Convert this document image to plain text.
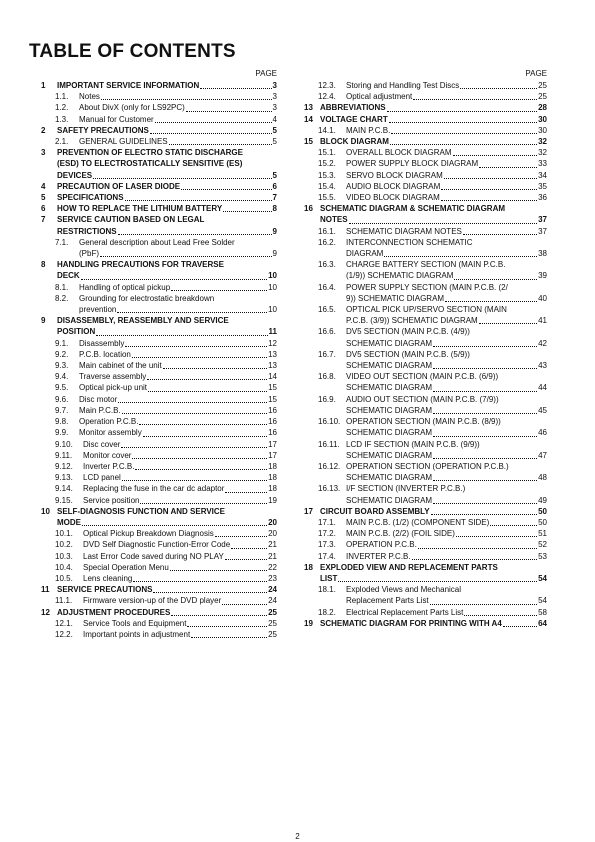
TABLE OF CONTENTS
PAGE
1 IMPORTANT SERVICE INFORMATION	3
1.1. Notes	3
1.2. About DivX (only for LS92PC)	3
1.3. Manual for Customer	4
2 SAFETY PRECAUTIONS	5
2.1. GENERAL GUIDELINES	5
3 PREVENTION OF ELECTRO STATIC DISCHARGE
(ESD) TO ELECTROSTATICALLY SENSITIVE (ES)
DEVICES	5
4 PRECAUTION OF LASER DIODE	6
5 SPECIFICATIONS	7
6 HOW TO REPLACE THE LITHIUM BATTERY	8
7 SERVICE CAUTION BASED ON LEGAL
RESTRICTIONS	9
7.1. General description about Lead Free Solder
(PbF)	9
8 HANDLING PRECAUTIONS FOR TRAVERSE
DECK	10
8.1. Handling of optical pickup	10
8.2. Grounding for electrostatic breakdown
prevention	10
9 DISASSEMBLY, REASSEMBLY AND SERVICE
POSITION	11
9.1. Disassembly	12
9.2. P.C.B. location	13
9.3. Main cabinet of the unit	13
9.4. Traverse assembly	14
9.5. Optical pick-up unit	15
9.6. Disc motor	15
9.7. Main P.C.B.	16
9.8. Operation P.C.B.	16
9.9. Monitor assembly	16
9.10. Disc cover	17
9.11. Monitor cover	17
9.12. Inverter P.C.B.	18
9.13. LCD panel	18
9.14. Replacing the fuse in the car dc adaptor	18
9.15. Service position	19
10 SELF-DIAGNOSIS FUNCTION AND SERVICE
MODE	20
10.1. Optical Pickup Breakdown Diagnosis	20
10.2. DVD Self Diagnostic Function-Error Code	21
10.3. Last Error Code saved during NO PLAY	21
10.4. Special Operation Menu	22
10.5. Lens cleaning	23
11 SERVICE PRECAUTIONS	24
11.1. Firmware version-up of the DVD player	24
12 ADJUSTMENT PROCEDURES	25
12.1. Service Tools and Equipment	25
12.2. Important points in adjustment	25
PAGE
12.3. Storing and Handling Test Discs	25
12.4. Optical adjustment	25
13 ABBREVIATIONS	28
14 VOLTAGE CHART	30
14.1. MAIN P.C.B.	30
15 BLOCK DIAGRAM	32
15.1. OVERALL BLOCK DIAGRAM	32
15.2. POWER SUPPLY BLOCK DIAGRAM	33
15.3. SERVO BLOCK DIAGRAM	34
15.4. AUDIO BLOCK DIAGRAM	35
15.5. VIDEO BLOCK DIAGRAM	36
16 SCHEMATIC DIAGRAM & SCHEMATIC DIAGRAM
NOTES	37
16.1. SCHEMATIC DIAGRAM NOTES	37
16.2. INTERCONNECTION SCHEMATIC
DIAGRAM	38
16.3. CHARGE BATTERY SECTION (MAIN P.C.B.
(1/9)) SCHEMATIC DIAGRAM	39
16.4. POWER SUPPLY SECTION (MAIN P.C.B. (2/
9)) SCHEMATIC DIAGRAM	40
16.5. OPTICAL PICK UP/SERVO SECTION (MAIN
P.C.B. (3/9)) SCHEMATIC DIAGRAM	41
16.6. DV5 SECTION (MAIN P.C.B. (4/9))
SCHEMATIC DIAGRAM	42
16.7. DV5 SECTION (MAIN P.C.B. (5/9))
SCHEMATIC DIAGRAM	43
16.8. VIDEO OUT SECTION (MAIN P.C.B. (6/9))
SCHEMATIC DIAGRAM	44
16.9. AUDIO OUT SECTION (MAIN P.C.B. (7/9))
SCHEMATIC DIAGRAM	45
16.10. OPERATION SECTION (MAIN P.C.B. (8/9))
SCHEMATIC DIAGRAM	46
16.11. LCD IF SECTION (MAIN P.C.B. (9/9))
SCHEMATIC DIAGRAM	47
16.12. OPERATION SECTION (OPERATION P.C.B.)
SCHEMATIC DIAGRAM	48
16.13. I/F SECTION (INVERTER P.C.B.)
SCHEMATIC DIAGRAM	49
17 CIRCUIT BOARD ASSEMBLY	50
17.1. MAIN P.C.B. (1/2) (COMPONENT SIDE)	50
17.2. MAIN P.C.B. (2/2) (FOIL SIDE)	51
17.3. OPERATION P.C.B.	52
17.4. INVERTER P.C.B.	53
18 EXPLODED VIEW AND REPLACEMENT PARTS
LIST	54
18.1. Exploded Views and Mechanical
Replacement Parts List	54
18.2. Electrical Replacement Parts List	58
19 SCHEMATIC DIAGRAM FOR PRINTING WITH A4	64
2
